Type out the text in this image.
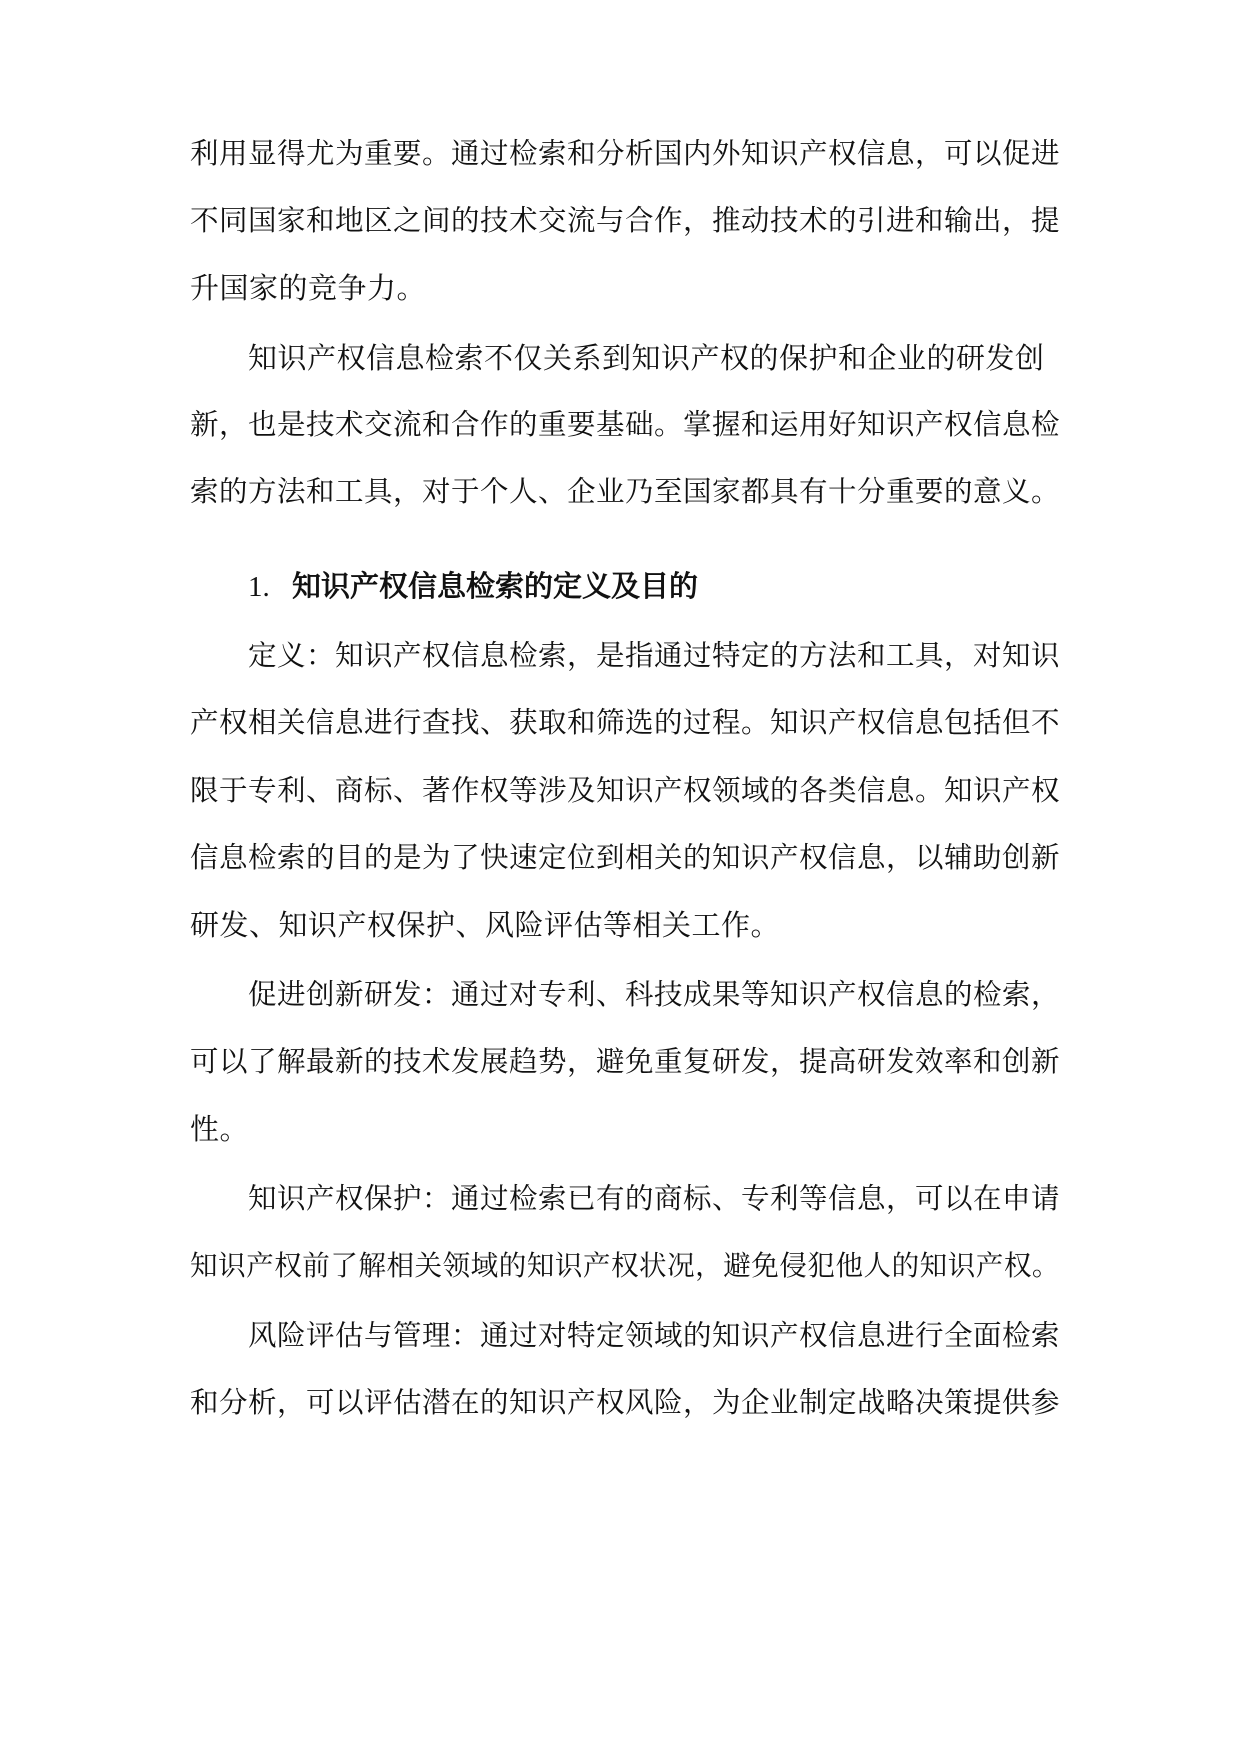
利用显得尤为重要。通过检索和分析国内外知识产权信息，可以促进
不同国家和地区之间的技术交流与合作，推动技术的引进和输出，提
升国家的竞争力。
知识产权信息检索不仅关系到知识产权的保护和企业的研发创
新，也是技术交流和合作的重要基础。掌握和运用好知识产权信息检
索的方法和工具，对于个人、企业乃至国家都具有十分重要的意义。
1. 知识产权信息检索的定义及目的
定义：知识产权信息检索，是指通过特定的方法和工具，对知识
产权相关信息进行查找、获取和筛选的过程。知识产权信息包括但不
限于专利、商标、著作权等涉及知识产权领域的各类信息。知识产权
信息检索的目的是为了快速定位到相关的知识产权信息，以辅助创新
研发、知识产权保护、风险评估等相关工作。
促进创新研发：通过对专利、科技成果等知识产权信息的检索，
可以了解最新的技术发展趋势，避免重复研发，提高研发效率和创新
性。
知识产权保护：通过检索已有的商标、专利等信息，可以在申请
知识产权前了解相关领域的知识产权状况，避免侵犯他人的知识产权。
风险评估与管理：通过对特定领域的知识产权信息进行全面检索
和分析，可以评估潜在的知识产权风险，为企业制定战略决策提供参
